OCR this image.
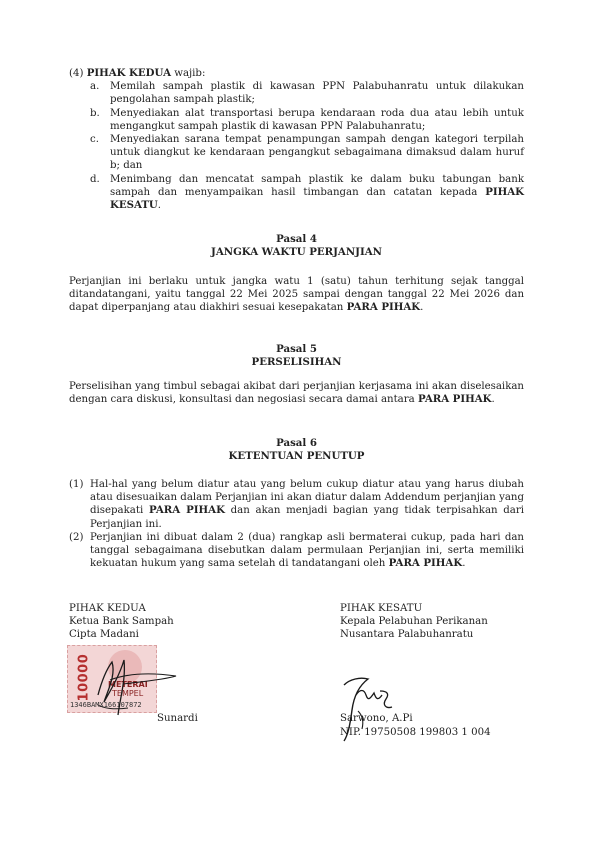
(4) PIHAK KEDUA wajib:
a. Memilah sampah plastik di kawasan PPN Palabuhanratu untuk dilakukan pengolahan sampah plastik;
b. Menyediakan alat transportasi berupa kendaraan roda dua atau lebih untuk mengangkut sampah plastik di kawasan PPN Palabuhanratu;
c. Menyediakan sarana tempat penampungan sampah dengan kategori terpilah untuk diangkut ke kendaraan pengangkut sebagaimana dimaksud dalam huruf b; dan
d. Menimbang dan mencatat sampah plastik ke dalam buku tabungan bank sampah dan menyampaikan hasil timbangan dan catatan kepada PIHAK KESATU.
Pasal 4
JANGKA WAKTU PERJANJIAN
Perjanjian ini berlaku untuk jangka watu 1 (satu) tahun terhitung sejak tanggal ditandatangani, yaitu tanggal 22 Mei 2025 sampai dengan tanggal 22 Mei 2026 dan dapat diperpanjang atau diakhiri sesuai kesepakatan PARA PIHAK.
Pasal 5
PERSELISIHAN
Perselisihan yang timbul sebagai akibat dari perjanjian kerjasama ini akan diselesaikan dengan cara diskusi, konsultasi dan negosiasi secara damai antara PARA PIHAK.
Pasal 6
KETENTUAN PENUTUP
(1) Hal-hal yang belum diatur atau yang belum cukup diatur atau yang harus diubah atau disesuaikan dalam Perjanjian ini akan diatur dalam Addendum perjanjian yang disepakati PARA PIHAK dan akan menjadi bagian yang tidak terpisahkan dari Perjanjian ini.
(2) Perjanjian ini dibuat dalam 2 (dua) rangkap asli bermaterai cukup, pada hari dan tanggal sebagaimana disebutkan dalam permulaan Perjanjian ini, serta memiliki kekuatan hukum yang sama setelah di tandatangani oleh PARA PIHAK.
PIHAK KEDUA
Ketua Bank Sampah
Cipta Madani
Sunardi
10000 METERAI
TEMPEL
1346BAMX166107872
PIHAK KESATU
Kepala Pelabuhan Perikanan
Nusantara Palabuhanratu
Sarwono, A.Pi
NIP. 19750508 199803 1 004
